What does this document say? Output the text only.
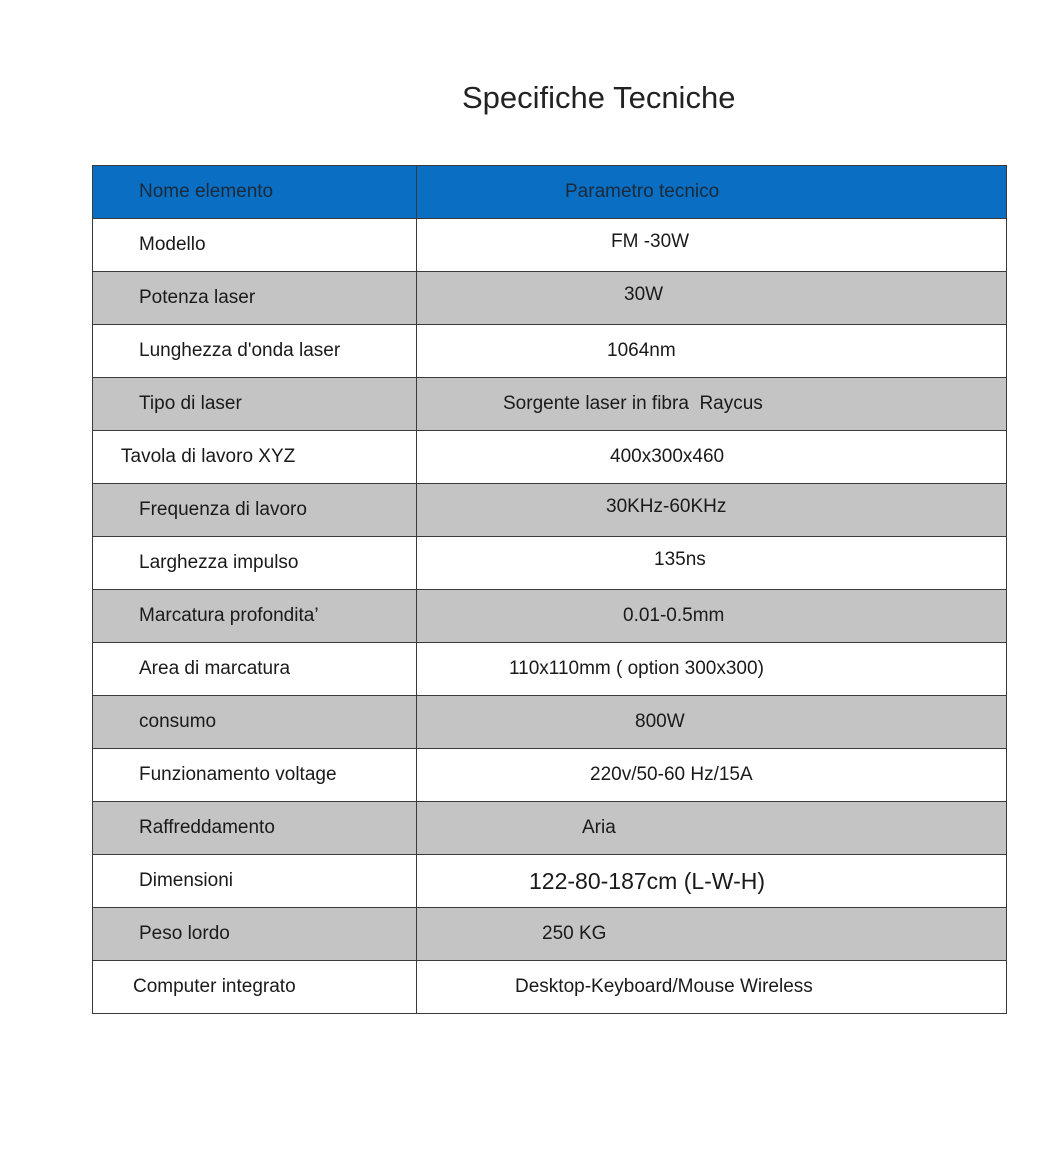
Specifiche Tecniche
Nome elemento	Parametro tecnico
Modello	FM -30W
Potenza laser	30W
Lunghezza d'onda laser	1064nm
Tipo di laser	Sorgente laser in fibra  Raycus
Tavola di lavoro XYZ	400x300x460
Frequenza di lavoro	30KHz-60KHz
Larghezza impulso	135ns
Marcatura profondita’	0.01-0.5mm
Area di marcatura	110x110mm ( option 300x300)
consumo	800W
Funzionamento voltage	220v/50-60 Hz/15A
Raffreddamento	Aria
Dimensioni	122-80-187cm (L-W-H)
Peso lordo	250 KG
Computer integrato	Desktop-Keyboard/Mouse Wireless
